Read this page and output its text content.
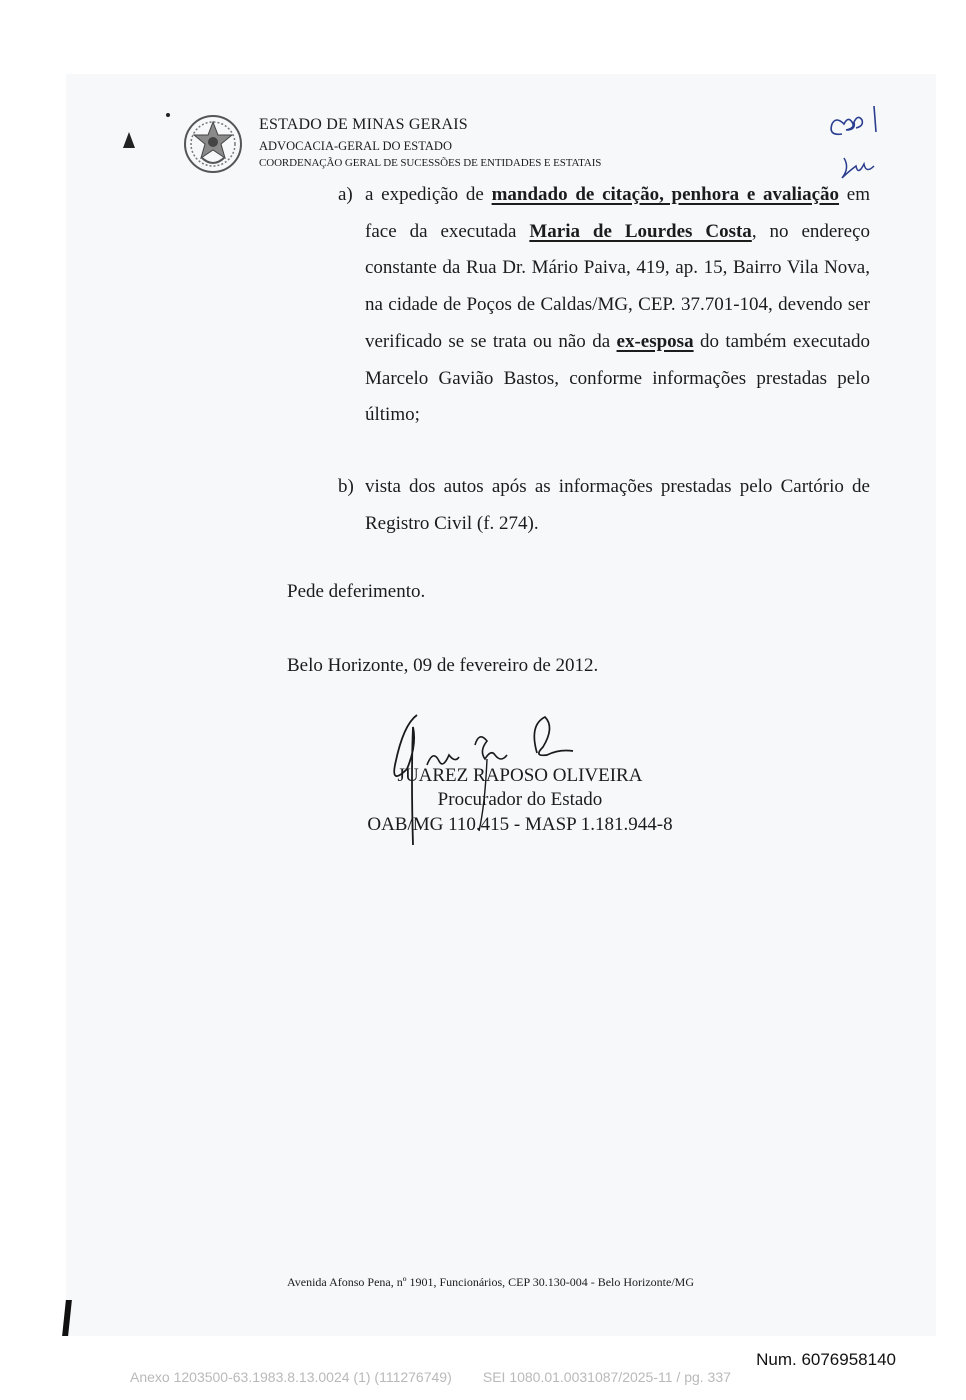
ESTADO DE MINAS GERAIS
ADVOCACIA-GERAL DO ESTADO
COORDENAÇÃO GERAL DE SUCESSÕES DE ENTIDADES E ESTATAIS
a) a expedição de mandado de citação, penhora e avaliação em face da executada Maria de Lourdes Costa, no endereço constante da Rua Dr. Mário Paiva, 419, ap. 15, Bairro Vila Nova, na cidade de Poços de Caldas/MG, CEP. 37.701-104, devendo ser verificado se se trata ou não da ex-esposa do também executado Marcelo Gavião Bastos, conforme informações prestadas pelo último;
b) vista dos autos após as informações prestadas pelo Cartório de Registro Civil (f. 274).
Pede deferimento.
Belo Horizonte, 09 de fevereiro de 2012.
JUAREZ RAPOSO OLIVEIRA
Procurador do Estado
OAB/MG 110.415 - MASP 1.181.944-8
Avenida Afonso Pena, nº 1901, Funcionários, CEP 30.130-004 - Belo Horizonte/MG
Num. 6076958140
Anexo 1203500-63.1983.8.13.0024 (1) (111276749)        SEI 1080.01.0031087/2025-11 / pg. 337
